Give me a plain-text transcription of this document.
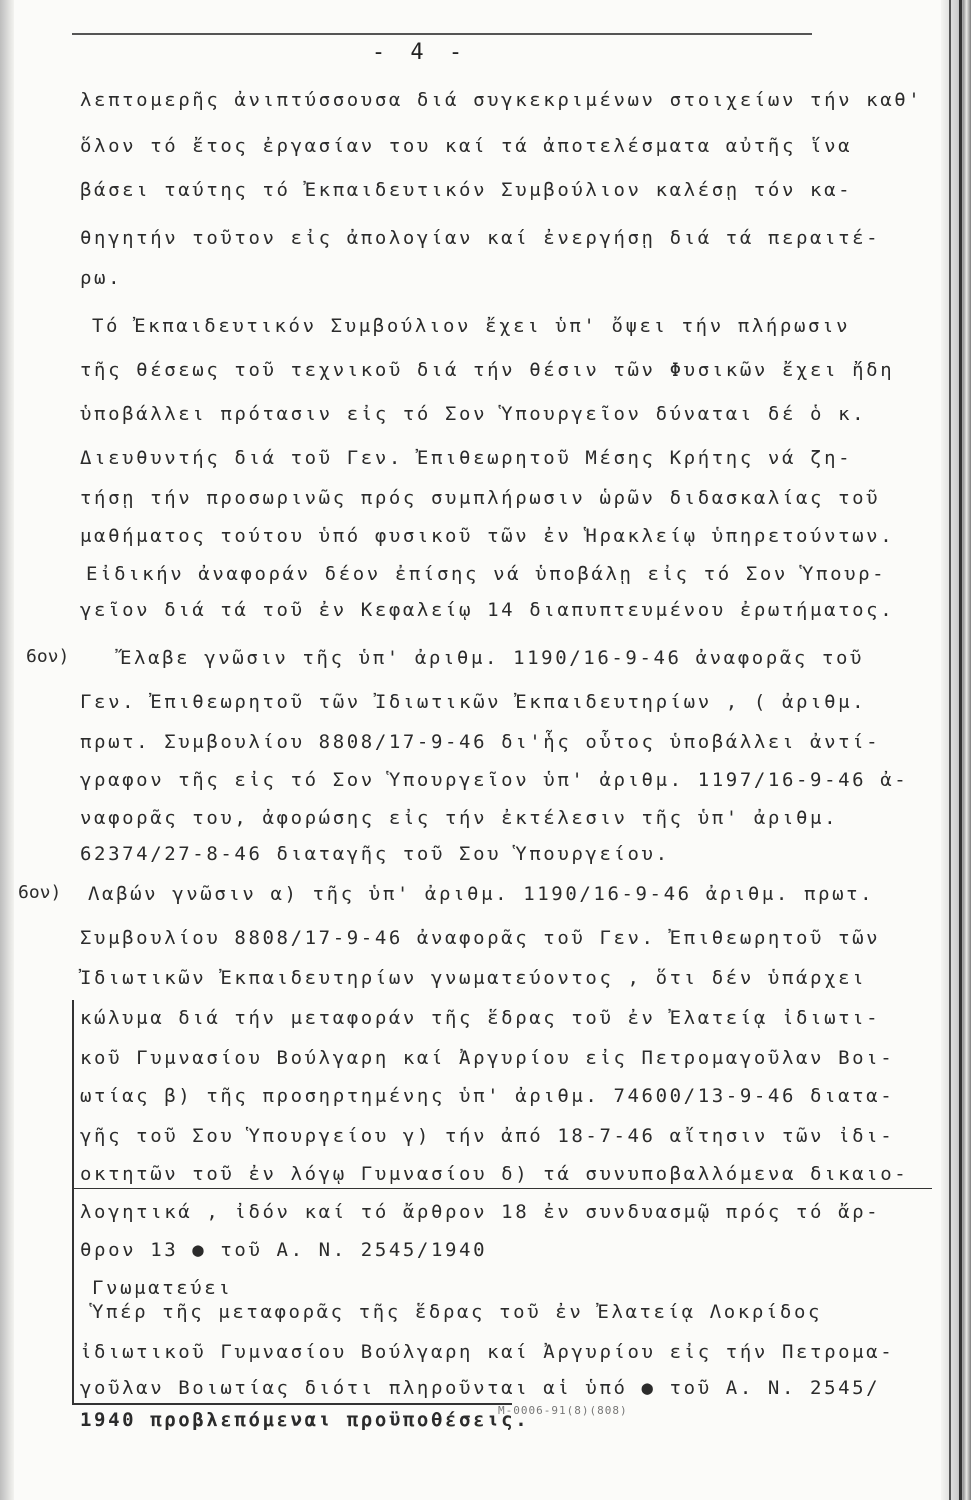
- 4 -
λεπτομερῆς ἀνιπτύσσουσα διά συγκεκριμένων στοιχείων τήν καθ'
ὅλον τό ἔτος ἐργασίαν του καί τά ἀποτελέσματα αὐτῆς ἵνα
βάσει ταύτης τό Ἐκπαιδευτικόν Συμβούλιον καλέσῃ τόν κα-
θηγητήν τοῦτον εἰς ἀπολογίαν καί ἐνεργήσῃ διά τά περαιτέ-
ρω.
Τό Ἐκπαιδευτικόν Συμβούλιον ἔχει ὑπ' ὄψει τήν πλήρωσιν
τῆς θέσεως τοῦ τεχνικοῦ διά τήν θέσιν τῶν Φυσικῶν ἔχει ἤδη
ὑποβάλλει πρότασιν εἰς τό Σον Ὑπουργεῖον δύναται δέ ὁ κ.
Διευθυντής διά τοῦ Γεν. Ἐπιθεωρητοῦ Μέσης Κρήτης νά ζη-
τήσῃ τήν προσωρινῶς πρός συμπλήρωσιν ὡρῶν διδασκαλίας τοῦ
μαθήματος τούτου ὑπό φυσικοῦ τῶν ἐν Ἡρακλείῳ ὑπηρετούντων.
Εἰδικήν ἀναφοράν δέον ἐπίσης νά ὑποβάλῃ εἰς τό Σον Ὑπουρ-
γεῖον διά τά τοῦ ἐν Κεφαλείῳ 14 διαπυπτευμένου ἐρωτήματος.
6ον)	Ἔλαβε γνῶσιν τῆς ὑπ' ἀριθμ. 1190/16-9-46 ἀναφορᾶς τοῦ
Γεν. Ἐπιθεωρητοῦ τῶν Ἰδιωτικῶν Ἐκπαιδευτηρίων , ( ἀριθμ.
πρωτ. Συμβουλίου 8808/17-9-46 δι'ἧς οὗτος ὑποβάλλει ἀντί-
γραφον τῆς εἰς τό Σον Ὑπουργεῖον ὑπ' ἀριθμ. 1197/16-9-46 ἀ-
ναφορᾶς του, ἀφορώσης εἰς τήν ἐκτέλεσιν τῆς ὑπ' ἀριθμ.
62374/27-8-46 διαταγῆς τοῦ Σου Ὑπουργείου.
6ον) Λαβών γνῶσιν α) τῆς ὑπ' ἀριθμ. 1190/16-9-46 ἀριθμ. πρωτ.
Συμβουλίου 8808/17-9-46 ἀναφορᾶς τοῦ Γεν. Ἐπιθεωρητοῦ τῶν
Ἰδιωτικῶν Ἐκπαιδευτηρίων γνωματεύοντος , ὅτι δέν ὑπάρχει
κώλυμα διά τήν μεταφοράν τῆς ἕδρας τοῦ ἐν Ἐλατείᾳ ἰδιωτι-
κοῦ Γυμνασίου Βούλγαρη καί Ἀργυρίου εἰς Πετρομαγοῦλαν Βοι-
ωτίας β) τῆς προσηρτημένης ὑπ' ἀριθμ. 74600/13-9-46 διατα-
γῆς τοῦ Σου Ὑπουργείου γ) τήν ἀπό 18-7-46 αἴτησιν τῶν ἰδι-
οκτητῶν τοῦ ἐν λόγῳ Γυμνασίου δ) τά συνυποβαλλόμενα δικαιο-
λογητικά , ἰδόν καί τό ἄρθρον 18 ἐν συνδυασμῷ πρός τό ἄρ-
θρον 13 ● τοῦ Α. Ν. 2545/1940
Γνωματεύει
Ὑπέρ τῆς μεταφορᾶς τῆς ἕδρας τοῦ ἐν Ἐλατείᾳ Λοκρίδος
ἰδιωτικοῦ Γυμνασίου Βούλγαρη καί Ἀργυρίου εἰς τήν Πετρομα-
γοῦλαν Βοιωτίας διότι πληροῦνται αἱ ὑπό ● τοῦ Α. Ν. 2545/
1940 προβλεπόμεναι προϋποθέσεις.
M-0006-91(8)(808)
